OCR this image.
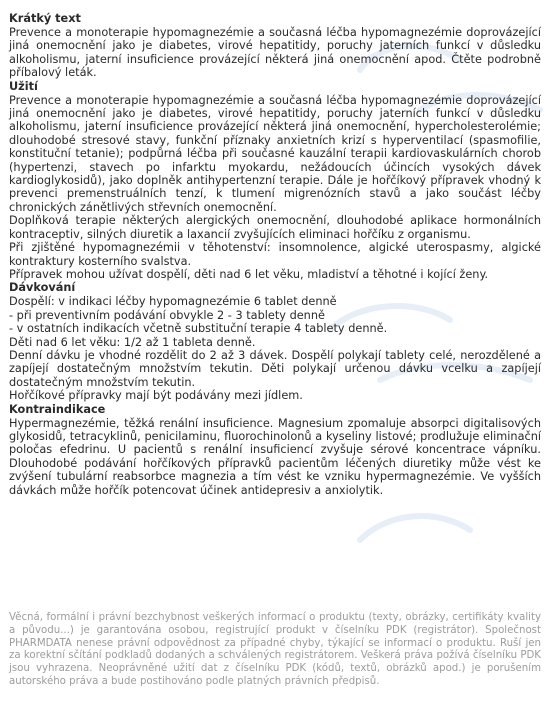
Krátký text
Prevence a monoterapie hypomagnezémie a současná léčba hypomagnezémie doprovázející jiná onemocnění jako je diabetes, virové hepatitidy, poruchy jaterních funkcí v důsledku alkoholismu, jaterní insuficience provázející některá jiná onemocnění apod. Čtěte podrobně příbalový leták.
Užití
Prevence a monoterapie hypomagnezémie a současná léčba hypomagnezémie doprovázející jiná onemocnění jako je diabetes, virové hepatitidy, poruchy jaterních funkcí v důsledku alkoholismu, jaterní insuficience provázející některá jiná onemocnění, hypercholesterolémie; dlouhodobé stresové stavy, funkční příznaky anxietních krizí s hyperventilací (spasmofilie, konstituční tetanie); podpůrná léčba při současné kauzální terapii kardiovaskulárních chorob (hypertenzi, stavech po infarktu myokardu, nežádoucích účincích vysokých dávek kardioglykosidů), jako doplněk antihypertenzní terapie. Dále je hořčíkový přípravek vhodný k prevenci premenstruálních tenzí, k tlumení migrenózních stavů a jako součást léčby chronických zánětlivých střevních onemocnění.
Doplňková terapie některých alergických onemocnění, dlouhodobé aplikace hormonálních kontraceptiv, silných diuretik a laxancií zvyšujících eliminaci hořčíku z organismu.
Při zjištěné hypomagnezémii v těhotenství: insomnolence, algické uterospasmy, algické kontraktury kosterního svalstva.
Přípravek mohou užívat dospělí, děti nad 6 let věku, mladiství a těhotné i kojící ženy.
Dávkování
Dospělí: v indikaci léčby hypomagnezémie 6 tablet denně
- při preventivním podávání obvykle 2 - 3 tablety denně
- v ostatních indikacích včetně substituční terapie 4 tablety denně.
Děti nad 6 let věku: 1/2 až 1 tableta denně.
Denní dávku je vhodné rozdělit do 2 až 3 dávek. Dospělí polykají tablety celé, nerozdělené a zapíjejí dostatečným množstvím tekutin. Děti polykají určenou dávku vcelku a zapíjejí dostatečným množstvím tekutin.
Hořčíkové přípravky mají být podávány mezi jídlem.
Kontraindikace
Hypermagnezémie, těžká renální insuficience. Magnesium zpomaluje absorpci digitalisových glykosidů, tetracyklinů, penicilaminu, fluorochinolonů a kyseliny listové; prodlužuje eliminační poločas efedrinu. U pacientů s renální insuficiencí zvyšuje sérové koncentrace vápníku. Dlouhodobé podávání hořčíkových přípravků pacientům léčených diuretiky může vést ke zvýšení tubulární reabsorbce magnezia a tím vést ke vzniku hypermagnezémie. Ve vyšších dávkách může hořčík potencovat účinek antidepresiv a anxiolytik.
Věcná, formální i právní bezchybnost veškerých informací o produktu (texty, obrázky, certifikáty kvality a původu...) je garantována osobou, registrující produkt v číselníku PDK (registrátor). Společnost PHARMDATA nenese právní odpovědnost za případné chyby, týkající se informací o produktu. Ruší jen za korektní sčítání podkladů dodaných a schválených registrátorem. Veškerá práva požívá číselníku PDK jsou vyhrazena. Neoprávněné užití dat z číselníku PDK (kódů, textů, obrázků apod.) je porušením autorského práva a bude postihováno podle platných právních předpisů.
